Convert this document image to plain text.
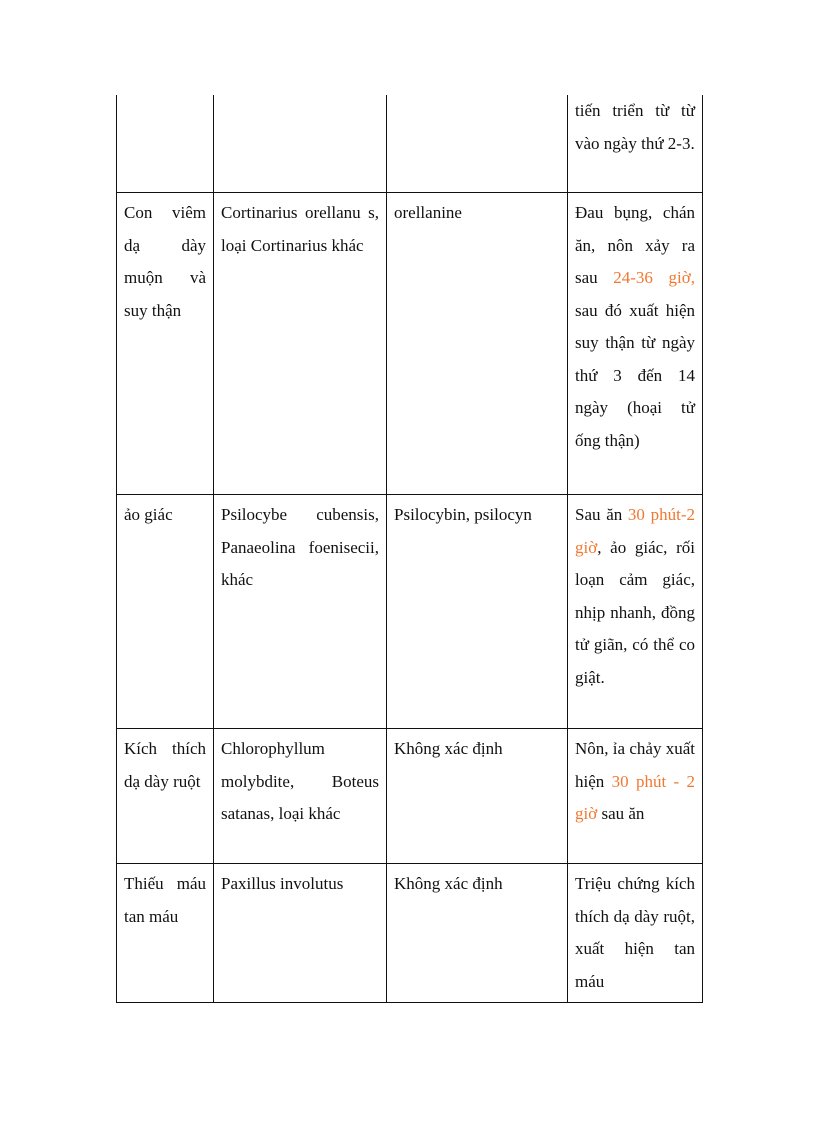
			tiến triển từ từ vào ngày thứ 2-3.
Con viêm dạ dày muộn và suy thận	Cortinarius orellanu s, loại Cortinarius khác	orellanine	Đau bụng, chán ăn, nôn xảy ra sau 24-36 giờ, sau đó xuất hiện suy thận từ ngày thứ 3 đến 14 ngày (hoại tử ống thận)
ảo giác	Psilocybe cubensis, Panaeolina foenisecii, khác	Psilocybin, psilocyn	Sau ăn 30 phút-2 giờ, ảo giác, rối loạn cảm giác, nhịp nhanh, đồng tử giãn, có thể co giật.
Kích thích dạ dày ruột	Chlorophyllum molybdite, Boteus satanas, loại khác	Không xác định	Nôn, ỉa chảy xuất hiện 30 phút - 2 giờ sau ăn
Thiếu máu tan máu	Paxillus involutus	Không xác định	Triệu chứng kích thích dạ dày ruột, xuất hiện tan máu
